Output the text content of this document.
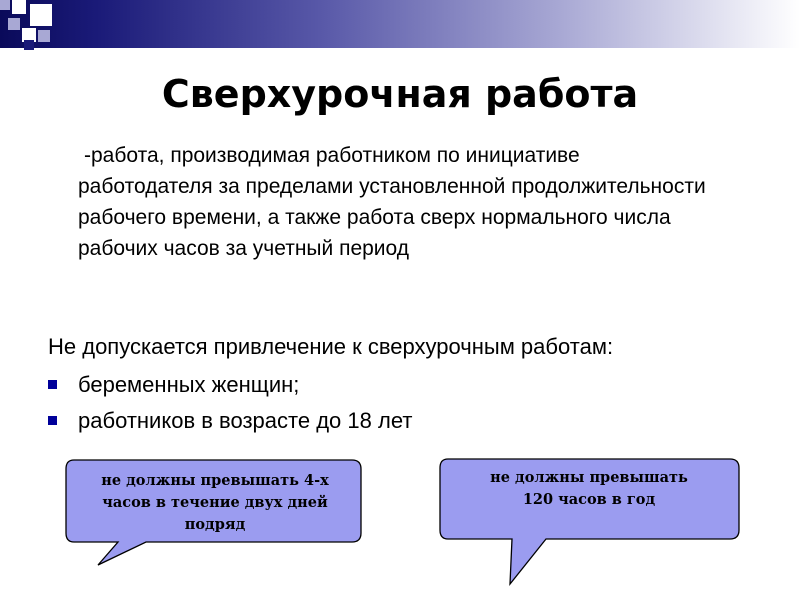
Сверхурочная работа

-работа, производимая работником по инициативе работодателя за пределами установленной продолжительности рабочего времени, а также работа сверх нормального числа рабочих часов за учетный период

Не допускается привлечение к сверхурочным работам:

беременных женщин;
работников в возрасте до 18 лет

не должны превышать 4-х часов в течение двух дней подряд

не должны превышать 120 часов в год
